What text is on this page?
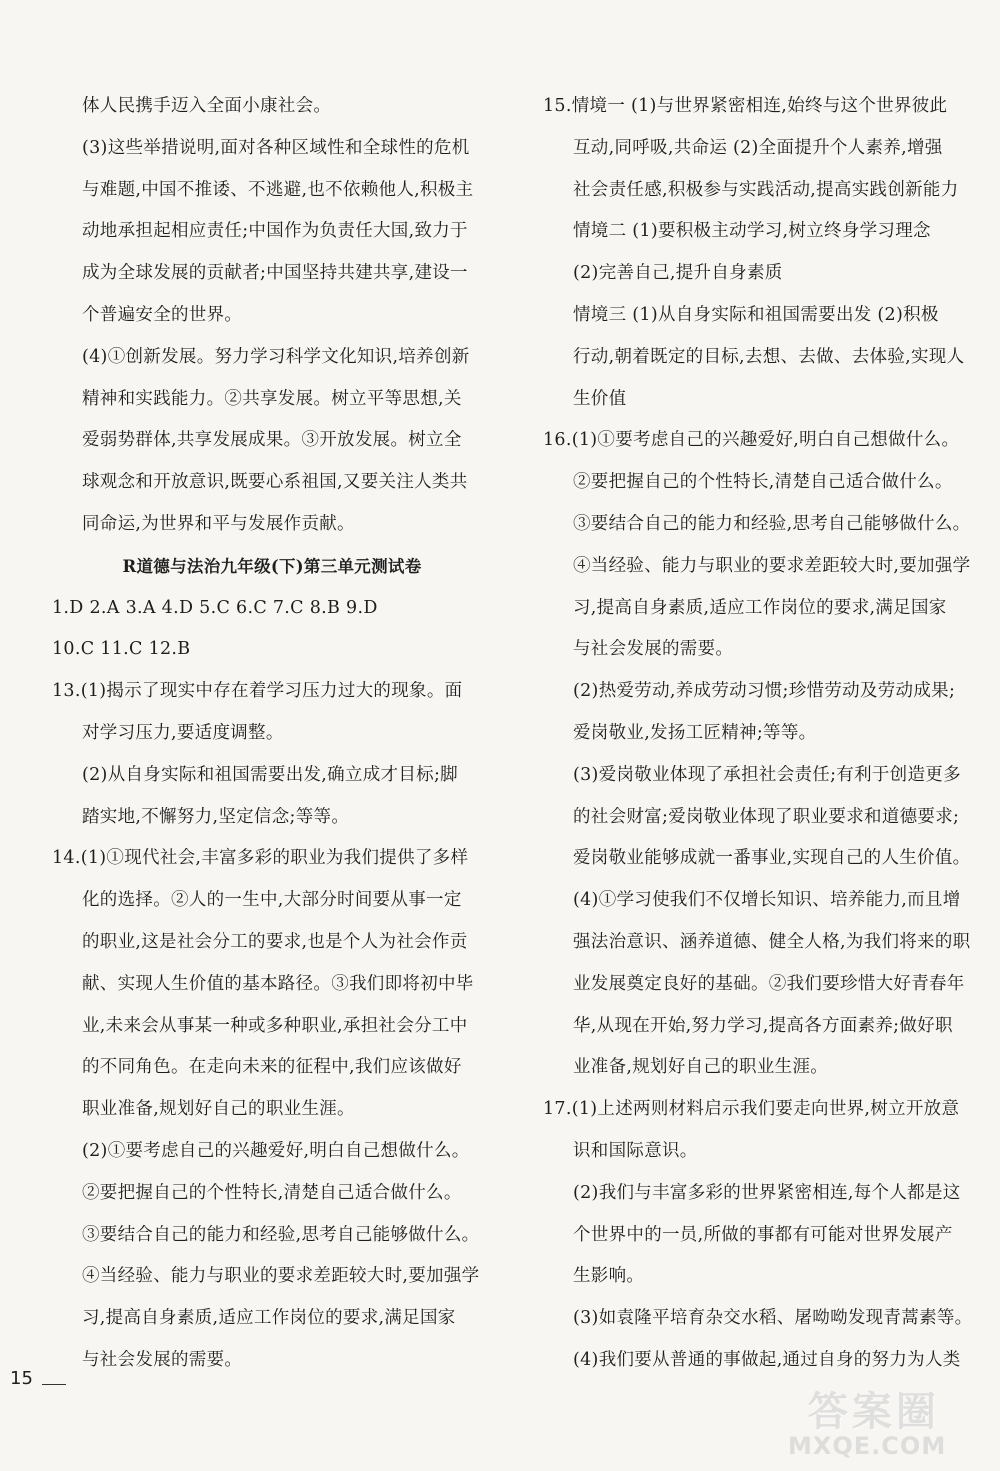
体人民携手迈入全面小康社会。
(3)这些举措说明,面对各种区域性和全球性的危机
与难题,中国不推诿、不逃避,也不依赖他人,积极主
动地承担起相应责任;中国作为负责任大国,致力于
成为全球发展的贡献者;中国坚持共建共享,建设一
个普遍安全的世界。
(4)①创新发展。努力学习科学文化知识,培养创新
精神和实践能力。②共享发展。树立平等思想,关
爱弱势群体,共享发展成果。③开放发展。树立全
球观念和开放意识,既要心系祖国,又要关注人类共
同命运,为世界和平与发展作贡献。
R道德与法治九年级(下)第三单元测试卷
1.D 2.A 3.A 4.D 5.C 6.C 7.C 8.B 9.D
10.C 11.C 12.B
13.(1)揭示了现实中存在着学习压力过大的现象。面
对学习压力,要适度调整。
(2)从自身实际和祖国需要出发,确立成才目标;脚
踏实地,不懈努力,坚定信念;等等。
14.(1)①现代社会,丰富多彩的职业为我们提供了多样
化的选择。②人的一生中,大部分时间要从事一定
的职业,这是社会分工的要求,也是个人为社会作贡
献、实现人生价值的基本路径。③我们即将初中毕
业,未来会从事某一种或多种职业,承担社会分工中
的不同角色。在走向未来的征程中,我们应该做好
职业准备,规划好自己的职业生涯。
(2)①要考虑自己的兴趣爱好,明白自己想做什么。
②要把握自己的个性特长,清楚自己适合做什么。
③要结合自己的能力和经验,思考自己能够做什么。
④当经验、能力与职业的要求差距较大时,要加强学
习,提高自身素质,适应工作岗位的要求,满足国家
与社会发展的需要。
15.情境一 (1)与世界紧密相连,始终与这个世界彼此
互动,同呼吸,共命运 (2)全面提升个人素养,增强
社会责任感,积极参与实践活动,提高实践创新能力
情境二 (1)要积极主动学习,树立终身学习理念
(2)完善自己,提升自身素质
情境三 (1)从自身实际和祖国需要出发 (2)积极
行动,朝着既定的目标,去想、去做、去体验,实现人
生价值
16.(1)①要考虑自己的兴趣爱好,明白自己想做什么。
②要把握自己的个性特长,清楚自己适合做什么。
③要结合自己的能力和经验,思考自己能够做什么。
④当经验、能力与职业的要求差距较大时,要加强学
习,提高自身素质,适应工作岗位的要求,满足国家
与社会发展的需要。
(2)热爱劳动,养成劳动习惯;珍惜劳动及劳动成果;
爱岗敬业,发扬工匠精神;等等。
(3)爱岗敬业体现了承担社会责任;有利于创造更多
的社会财富;爱岗敬业体现了职业要求和道德要求;
爱岗敬业能够成就一番事业,实现自己的人生价值。
(4)①学习使我们不仅增长知识、培养能力,而且增
强法治意识、涵养道德、健全人格,为我们将来的职
业发展奠定良好的基础。②我们要珍惜大好青春年
华,从现在开始,努力学习,提高各方面素养;做好职
业准备,规划好自己的职业生涯。
17.(1)上述两则材料启示我们要走向世界,树立开放意
识和国际意识。
(2)我们与丰富多彩的世界紧密相连,每个人都是这
个世界中的一员,所做的事都有可能对世界发展产
生影响。
(3)如袁隆平培育杂交水稻、屠呦呦发现青蒿素等。
(4)我们要从普通的事做起,通过自身的努力为人类
15
答案圈
MXQE.COM
